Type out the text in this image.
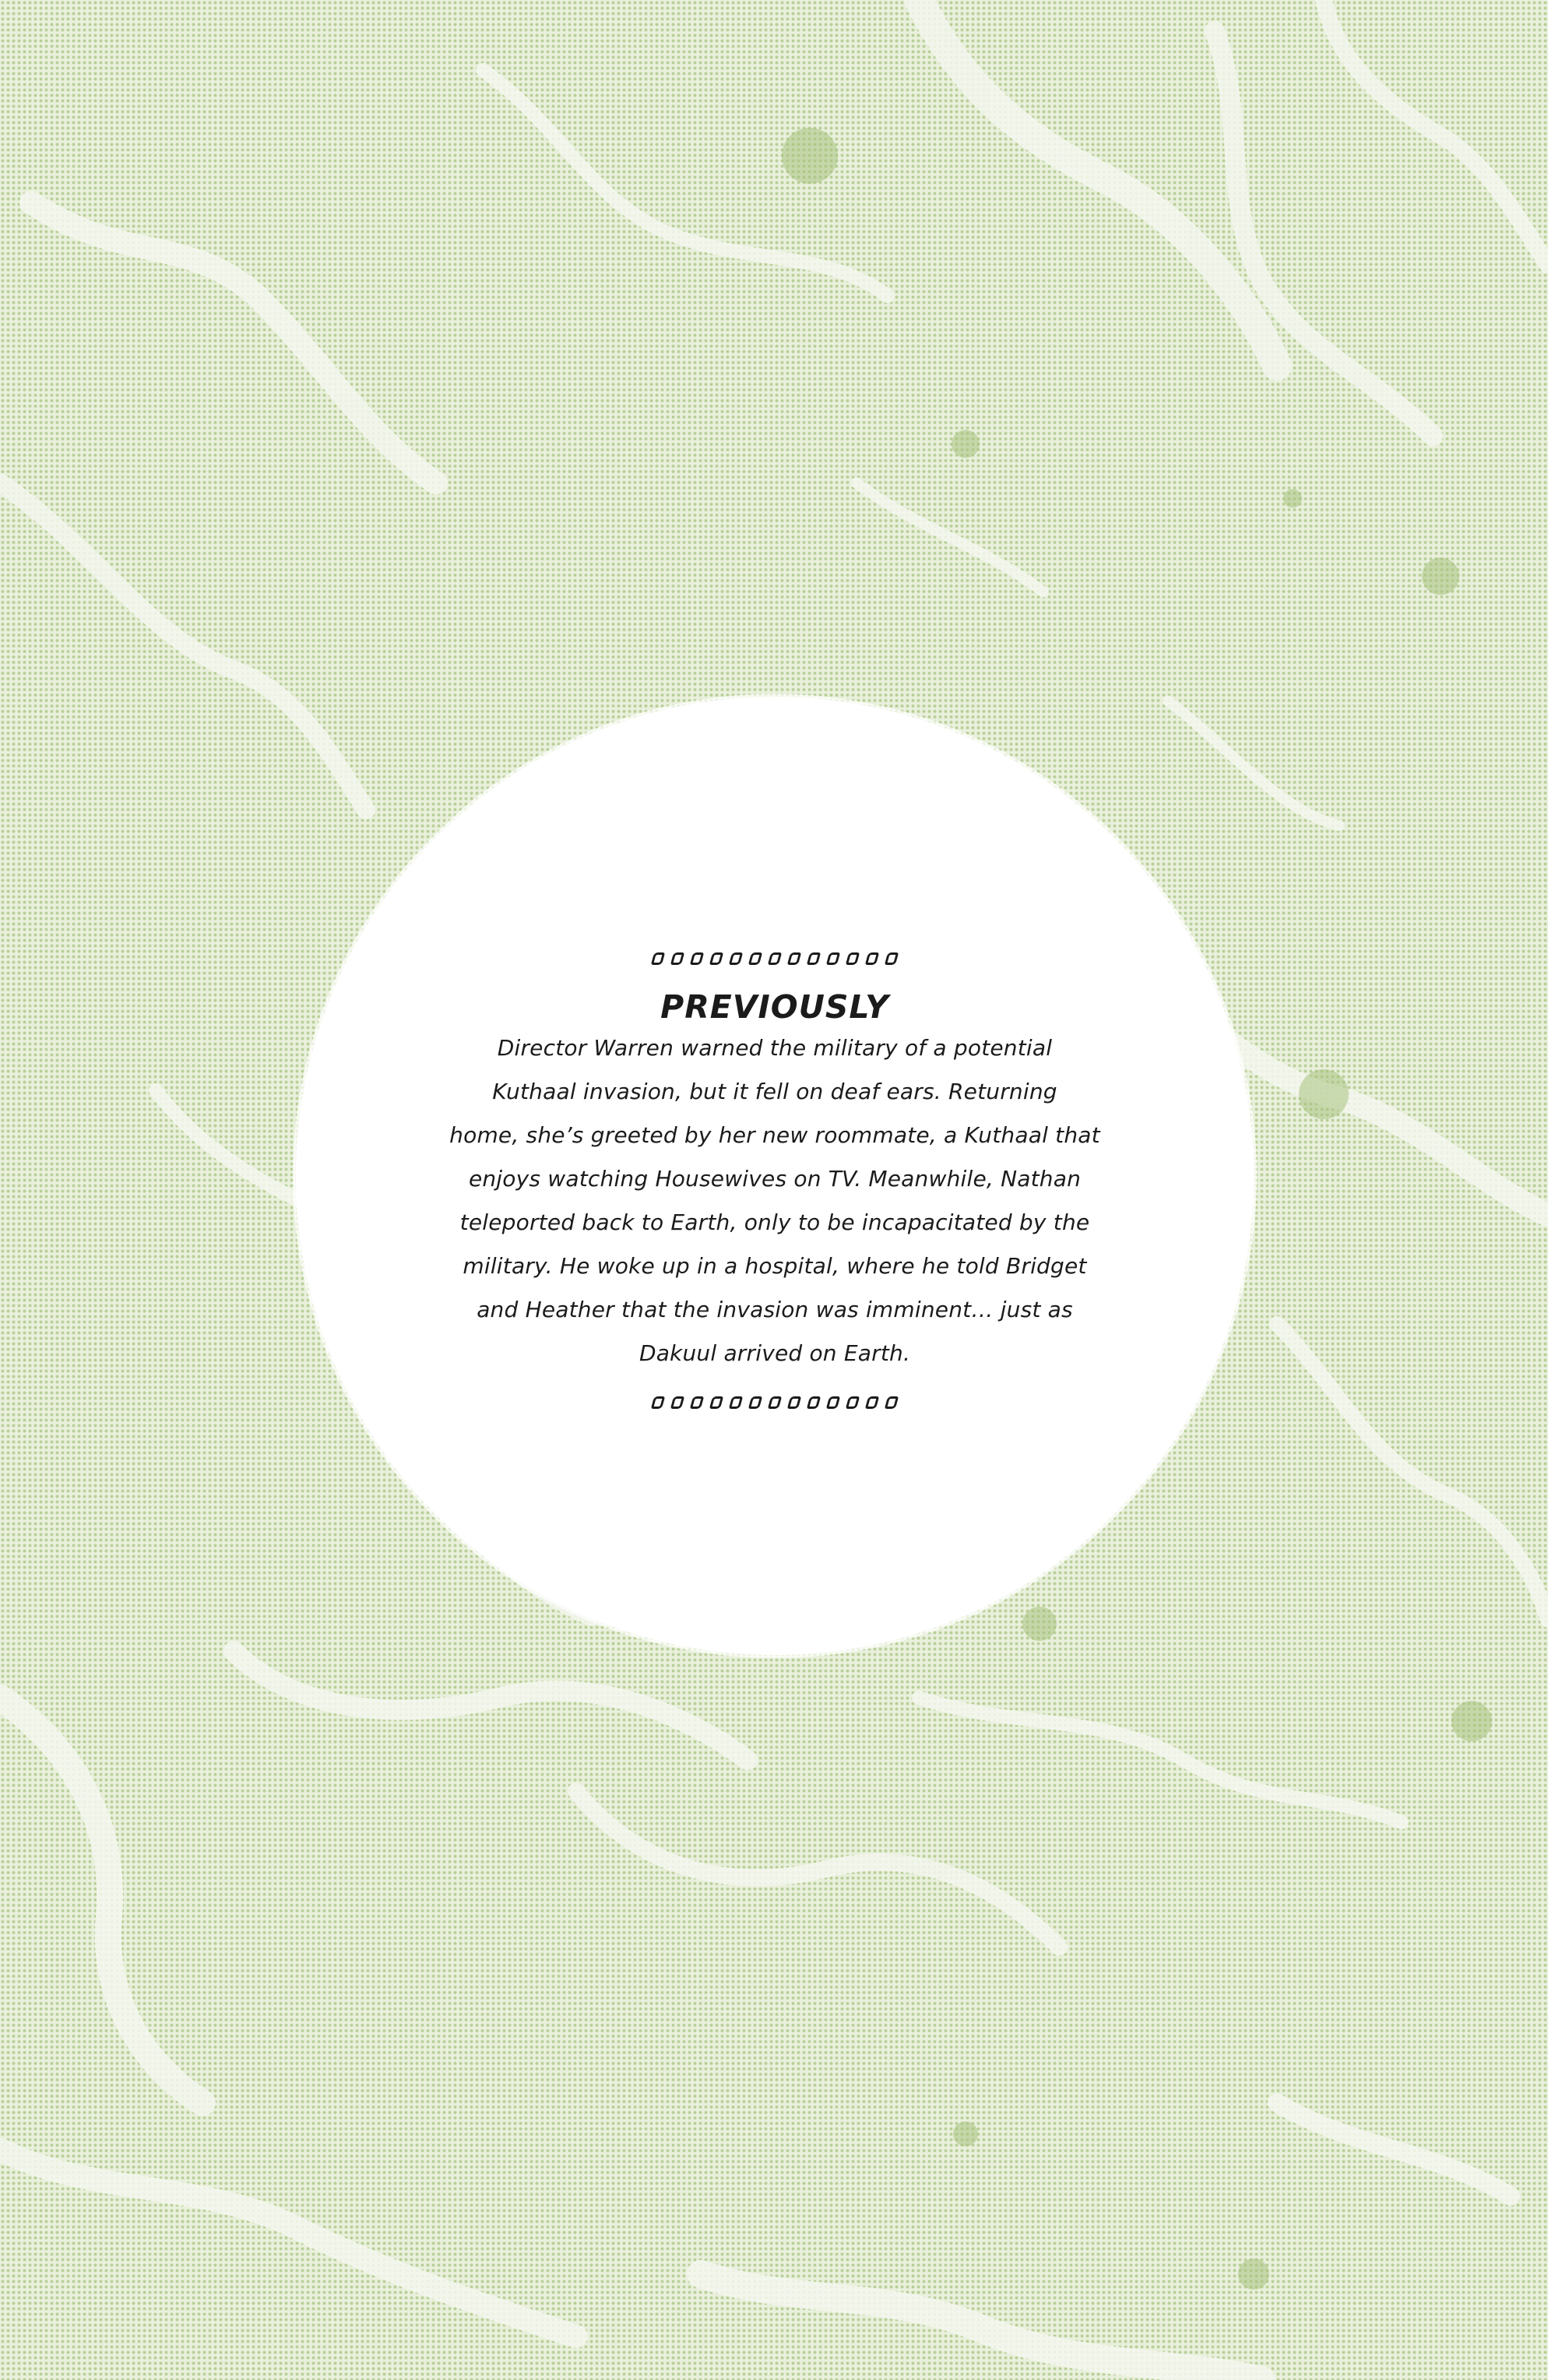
PREVIOUSLY
Director Warren warned the military of a potential
Kuthaal invasion, but it fell on deaf ears. Returning
home, she’s greeted by her new roommate, a Kuthaal that
enjoys watching Housewives on TV. Meanwhile, Nathan
teleported back to Earth, only to be incapacitated by the
military. He woke up in a hospital, where he told Bridget
and Heather that the invasion was imminent… just as
Dakuul arrived on Earth.
